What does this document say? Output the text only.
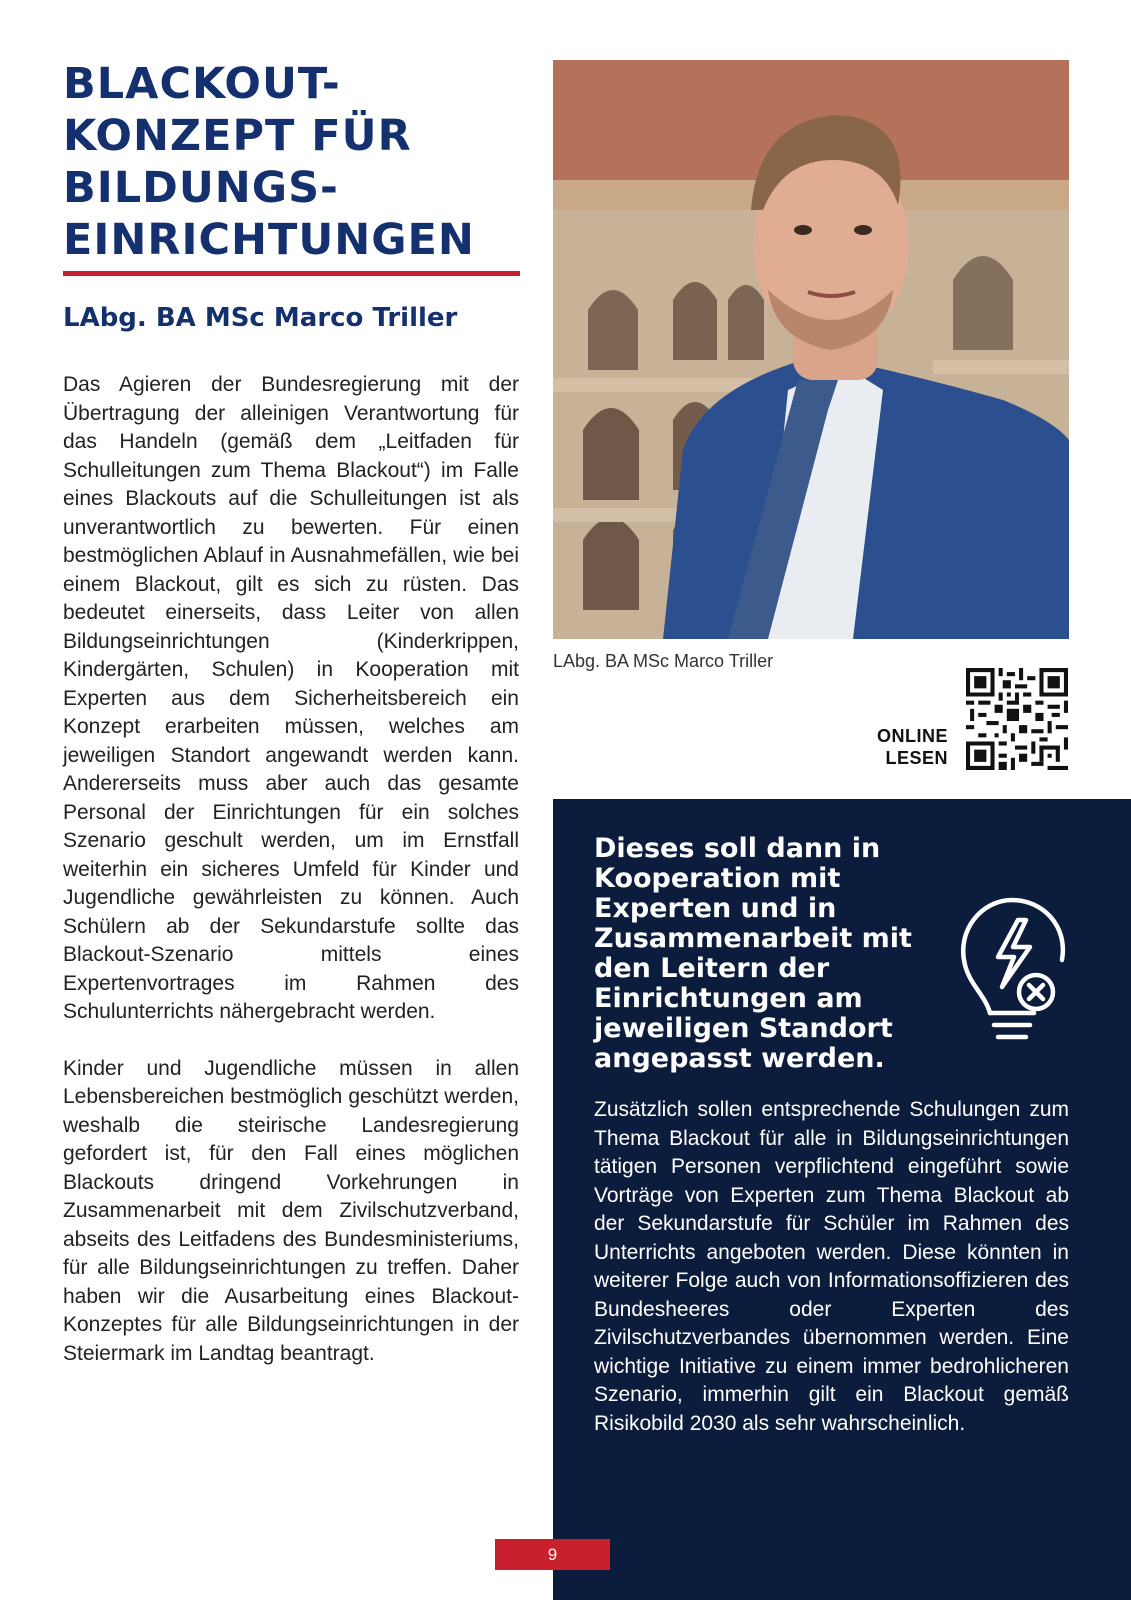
BLACKOUT-
KONZEPT FÜR
BILDUNGS-
EINRICHTUNGEN
LAbg. BA MSc Marco Triller

Das Agieren der Bundesregierung mit der Übertragung der alleinigen Verantwortung für das Handeln (gemäß dem „Leitfaden für Schulleitungen zum Thema Blackout“) im Falle eines Blackouts auf die Schulleitungen ist als unverantwortlich zu bewerten. Für einen bestmöglichen Ablauf in Ausnahmefällen, wie bei einem Blackout, gilt es sich zu rüsten. Das bedeutet einerseits, dass Leiter von allen Bildungseinrichtungen (Kinderkrippen, Kindergärten, Schulen) in Kooperation mit Experten aus dem Sicherheitsbereich ein Konzept erarbeiten müssen, welches am jeweiligen Standort angewandt werden kann. Andererseits muss aber auch das gesamte Personal der Einrichtungen für ein solches Szenario geschult werden, um im Ernstfall weiterhin ein sicheres Umfeld für Kinder und Jugendliche gewährleisten zu können. Auch Schülern ab der Sekundarstufe sollte das Blackout-Szenario mittels eines Expertenvortrages im Rahmen des Schulunterrichts nähergebracht werden.

Kinder und Jugendliche müssen in allen Lebensbereichen bestmöglich geschützt werden, weshalb die steirische Landesregierung gefordert ist, für den Fall eines möglichen Blackouts dringend Vorkehrungen in Zusammenarbeit mit dem Zivilschutzverband, abseits des Leitfadens des Bundesministeriums, für alle Bildungseinrichtungen zu treffen. Daher haben wir die Ausarbeitung eines Blackout-Konzeptes für alle Bildungseinrichtungen in der Steiermark im Landtag beantragt.

LAbg. BA MSc Marco Triller

ONLINE
LESEN
Dieses soll dann in
Kooperation mit
Experten und in
Zusammenarbeit mit
den Leitern der
Einrichtungen am
jeweiligen Standort
angepasst werden.

Zusätzlich sollen entsprechende Schulungen zum Thema Blackout für alle in Bildungseinrichtungen tätigen Personen verpflichtend eingeführt sowie Vorträge von Experten zum Thema Blackout ab der Sekundarstufe für Schüler im Rahmen des Unterrichts angeboten werden. Diese könnten in weiterer Folge auch von Informationsoffizieren des Bundesheeres oder Experten des Zivilschutzverbandes übernommen werden. Eine wichtige Initiative zu einem immer bedrohlicheren Szenario, immerhin gilt ein Blackout gemäß Risikobild 2030 als sehr wahrscheinlich.

9
